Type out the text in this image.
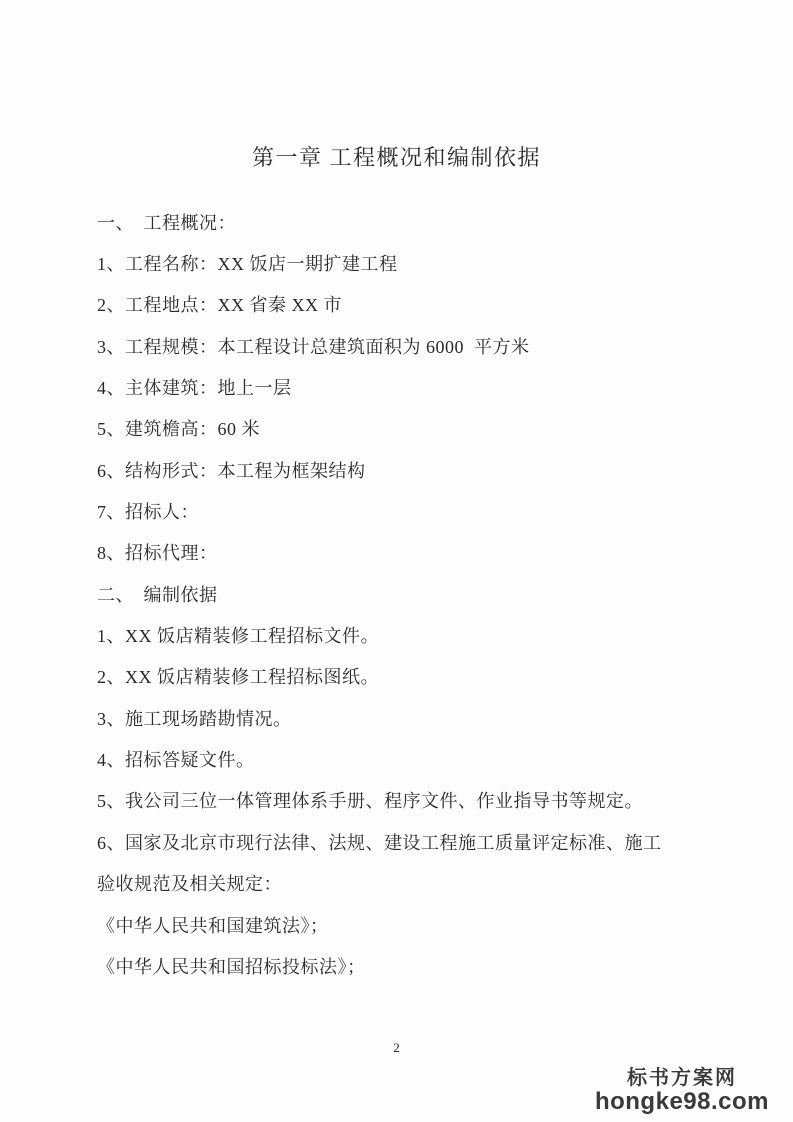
第一章 工程概况和编制依据
一、　工程概况：
1、工程名称：XX 饭店一期扩建工程
2、工程地点：XX 省秦 XX 市
3、工程规模：本工程设计总建筑面积为 6000  平方米
4、主体建筑：地上一层
5、建筑檐高：60 米
6、结构形式：本工程为框架结构
7、招标人：
8、招标代理：
二、　编制依据
1、XX 饭店精装修工程招标文件。
2、XX 饭店精装修工程招标图纸。
3、施工现场踏勘情况。
4、招标答疑文件。
5、我公司三位一体管理体系手册、程序文件、作业指导书等规定。
6、国家及北京市现行法律、法规、建设工程施工质量评定标准、施工
验收规范及相关规定：
《中华人民共和国建筑法》；
《中华人民共和国招标投标法》；
2
标书方案网
hongke98.com
